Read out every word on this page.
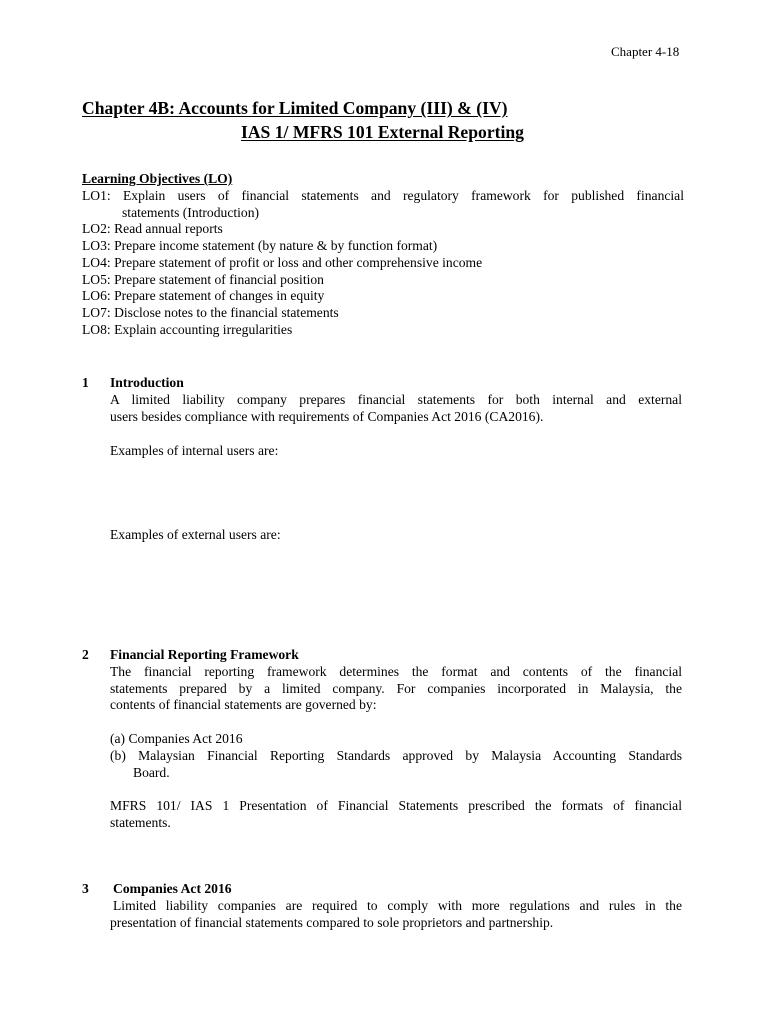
Chapter 4-18
Chapter 4B: Accounts for Limited Company (III) & (IV)
IAS 1/ MFRS 101 External Reporting
Learning Objectives (LO)
LO1: Explain users of financial statements and regulatory framework for published financial
statements (Introduction)
LO2: Read annual reports
LO3: Prepare income statement (by nature & by function format)
LO4: Prepare statement of profit or loss and other comprehensive income
LO5: Prepare statement of financial position
LO6: Prepare statement of changes in equity
LO7: Disclose notes to the financial statements
LO8: Explain accounting irregularities
1 Introduction
A limited liability company prepares financial statements for both internal and external
users besides compliance with requirements of Companies Act 2016 (CA2016).
Examples of internal users are:
Examples of external users are:
2 Financial Reporting Framework
The financial reporting framework determines the format and contents of the financial
statements prepared by a limited company. For companies incorporated in Malaysia, the
contents of financial statements are governed by:
(a) Companies Act 2016
(b) Malaysian Financial Reporting Standards approved by Malaysia Accounting Standards
Board.
MFRS 101/ IAS 1 Presentation of Financial Statements prescribed the formats of financial
statements.
3 Companies Act 2016
Limited liability companies are required to comply with more regulations and rules in the
presentation of financial statements compared to sole proprietors and partnership.
